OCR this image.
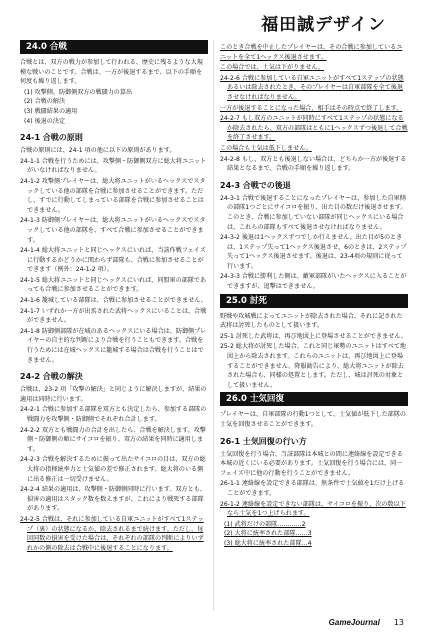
福田誠デザイン
24.0 合戦
合戦とは、双方の戦力が参加して行われる、歴史に残るような大規模な戦いのことです。合戦は、一方が後退するまで、以下の手順を何度も繰り返します。
(1) 攻撃側、防御側双方の戦闘力の算出
(2) 合戦の解決
(3) 戦闘結果の適用
(4) 後退の決定
24-1 合戦の原則
合戦の原則には、24-1 項の他に以下の原則があります。
24-1-1 合戦を行うためには、攻撃側・防御側双方に総大将ユニットがいなければなりません。
24-1-2 攻撃側プレイヤーは、総大将ユニットがいるヘックスでスタックしている他の部隊を合戦に参加させることができます。ただし、すでに行動してしまっている部隊を合戦に参加させることはできません。
24-1-3 防御側プレイヤーは、総大将ユニットがいるヘックスでスタックしている他の部隊を、すべて合戦に参加させることができます。
24-1-4 総大将ユニットと同じヘックスにいれば、当該作戦フェイズに行動するかどうかに関わらず部隊も、合戦に参加させることができます（例外：24-1-2 項）。
24-1-5 総大将ユニットと同じヘックスにいれば、同盟軍の部隊であっても合戦に参加させることができます。
24-1-6 籠城している部隊は、合戦に参加させることができません。
24-1-7 いずれか一方が出馬された武将ヘックスにいることは、合戦ができません。
24-1-8 防御側部隊が在城のあるヘックスにいる場合は、防御側プレイヤーの自主的な判断により合戦を行うこともできます。合戦を行うためには在城ヘックスに籠城する場合は合戦を行うことはできません。
24-2 合戦の解決
合戦は、23-2 項「攻撃の解決」と同じように解決しますが、結果の適用は同時に行います。
24-2-1 合戦に参加する部隊を双方とも決定したら、参加する部隊の戦闘力を攻撃側・防御側でそれぞれ合計します。
24-2-2 双方とも戦闘力の合計を出したら、合戦を解決します。攻撃側・防御側の順にサイコロを振り、双方の結果を同時に適用します。
24-2-3 合戦を解決するために振って出たサイコロの目は、双方の総大将の指揮統率力と士気値の差で修正されます。総大将のいる側に出る修正は一切受けません。
24-2-4 結果の適用は、攻撃側・防御側同時に行います。双方とも、損害の適用はスタック数を数えますが、これにより戦死する部隊があります。
24-2-5 合戦は、それに参加している自軍ユニットがすべて1ステップ（裏）の状態になるか、除去されるまで続けます。ただし、毎回同数の損害を受けた場合は、それぞれの部隊の判断によりいずれかの側の除去は合戦中に後退することになります。
このとき合戦を中止したプレイヤーは、その合戦に参加しているユニットを全て1ヘックス後退させます。
この場合では、士気は下がりません。
24-2-6 合戦に参加している自軍ユニットがすべて1ステップの状態あるいは除去されたとき、そのプレイヤーは自軍部隊を全て後退させなければなりません。
一方が後退することになった場合、相手はその時点で終了します。
24-2-7 もし双方のユニットが同時にすべて1ステップの状態になるか除去されたら、双方の部隊はともに1ヘックスずつ後退して合戦を終了させます。
この場合も士気は低下しません。
24-2-8 もし、双方とも後退しない場合は、どちらか一方が後退する結果となるまで、合戦の手順を繰り返します。
24-3 合戦での後退
24-3-1 合戦で後退することになったプレイヤーは、参加した自軍側の部隊1つごとにサイコロを振り、出た目の数だけ後退させます。このとき、合戦に参加していない部隊が同じヘックスにいる場合は、これらの部隊もすべて後退させなければなりません。
24-3-2 後退は1ヘックスずつでしか行えません。出た目が5のときは、1ステップ失って1ヘックス後退させ、6のときは、2ステップ失って1ヘックス後退させます。後退は、23-4項の規則に従って行います。
24-3-3 合戦に勝利した側は、敵軍部隊がいたヘックスに入ることができますが、追撃はできません。
25.0 討死
野戦や攻城戦によってユニットが除去された場合、それに記された武将は討死したものとして扱います。
25-1 討死した武将は、再び地図上に登場させることができません。
25-2 総大将が討死した場合、これと同じ軍勢のユニットはすべて地図上から除去されます。これらのユニットは、再び地図上に登場することができません。降服勧告により、総大将ユニットが除去された場合も、同様の処置とします。ただし、城は討死の対象として扱いません。
26.0 士気回復
プレイヤーは、自軍部隊の行動1つとして、士気値が低下した部隊の士気を回復させることができます。
26-1 士気回復の行い方
士気回復を行う場合、当該部隊は本城との間に連絡線を設定できる本城の近くにいる必要があります。士気回復を行う場合には、同一フェイズ中に他の行動を行うことができません。
26-1-1 連絡線を設定できる部隊は、無条件で士気値を1だけ上げることができます。
26-1-2 連絡線を設定できない部隊は、サイコロを振り、次の数以下なら士気を1つ上げられます。
(1) 武将だけの部隊…………2
(2) 大将に統率された部隊……3
(3) 総大将に統率された部隊…4
GameJournal 13
